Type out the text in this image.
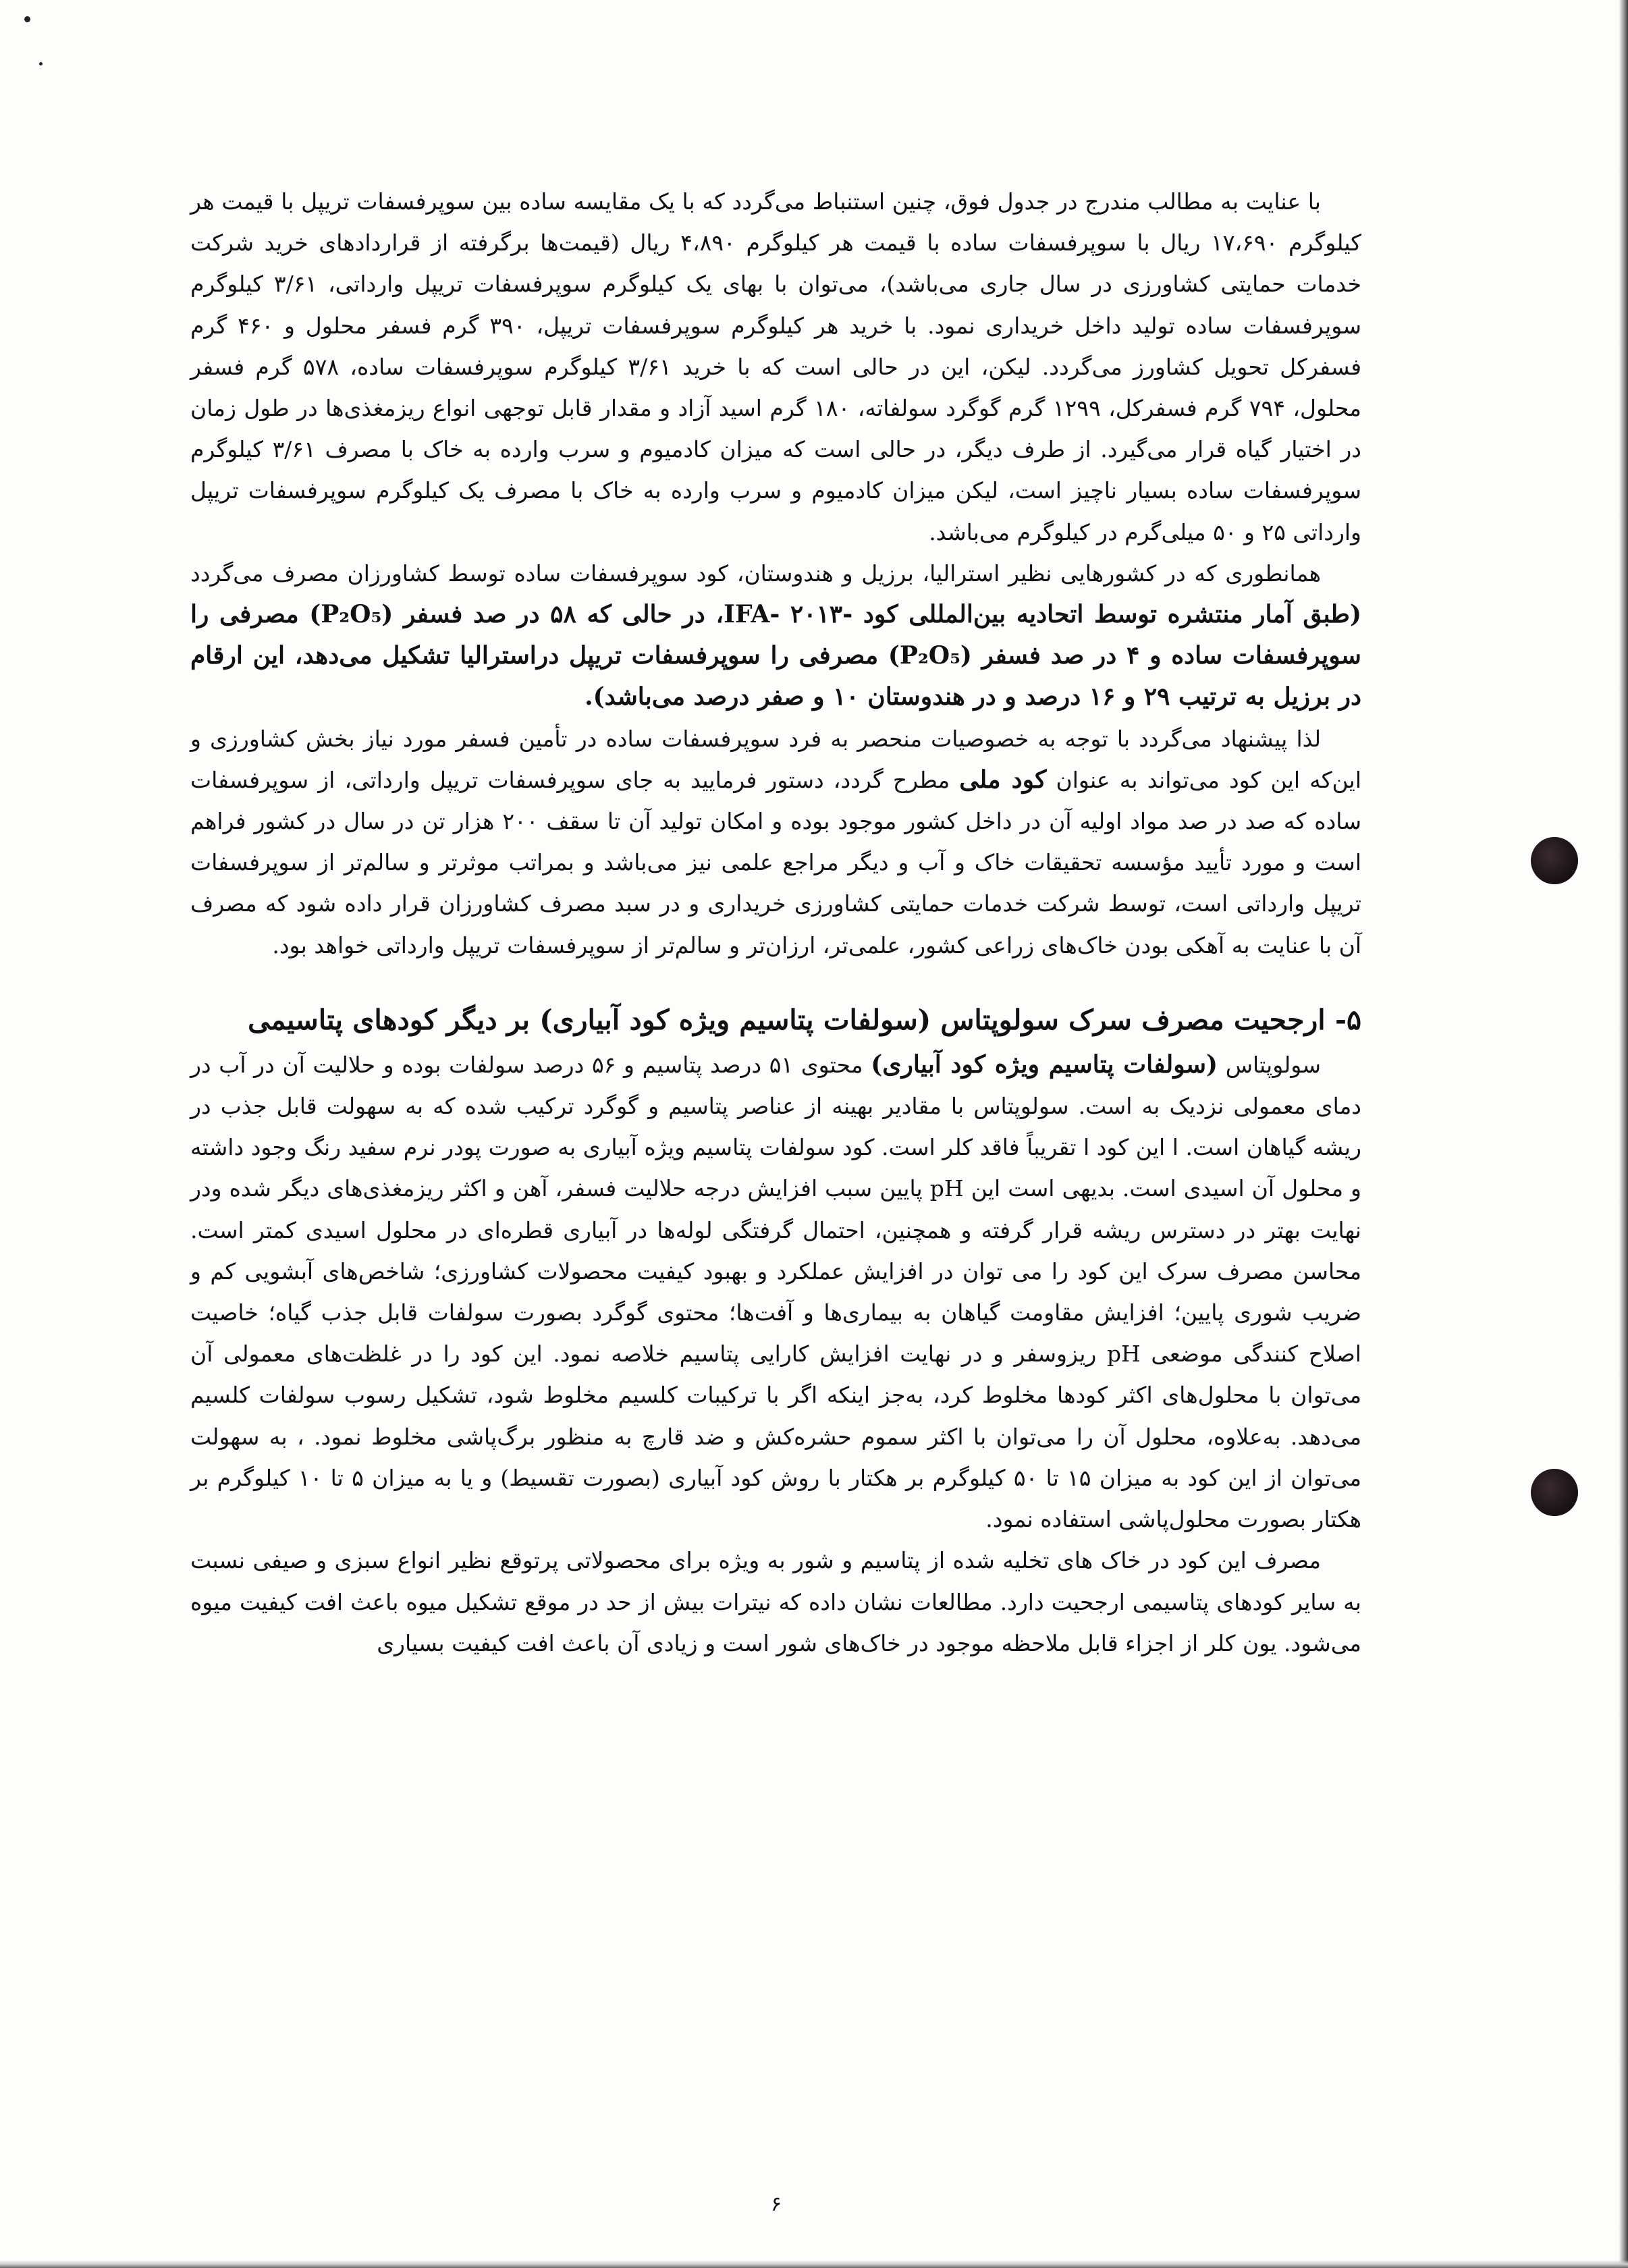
با عنایت به مطالب مندرج در جدول فوق، چنین استنباط می‌گردد که با یک مقایسه ساده بین سوپرفسفات تریپل با قیمت هر کیلوگرم ۱۷،۶۹۰ ریال با سوپرفسفات ساده با قیمت هر کیلوگرم ۴،۸۹۰ ریال (قیمت‌ها برگرفته از قراردادهای خرید شرکت خدمات حمایتی کشاورزی در سال جاری می‌باشد)، می‌توان با بهای یک کیلوگرم سوپرفسفات تریپل وارداتی، ۳/۶۱ کیلوگرم سوپرفسفات ساده تولید داخل خریداری نمود. با خرید هر کیلوگرم سوپرفسفات تریپل، ۳۹۰ گرم فسفر محلول و ۴۶۰ گرم فسفرکل تحویل کشاورز می‌گردد. لیکن، این در حالی است که با خرید ۳/۶۱ کیلوگرم سوپرفسفات ساده، ۵۷۸ گرم فسفر محلول، ۷۹۴ گرم فسفرکل، ۱۲۹۹ گرم گوگرد سولفاته، ۱۸۰ گرم اسید آزاد و مقدار قابل توجهی انواع ریزمغذی‌ها در طول زمان در اختیار گیاه قرار می‌گیرد. از طرف دیگر، در حالی است که میزان کادمیوم و سرب وارده به خاک با مصرف ۳/۶۱ کیلوگرم سوپرفسفات ساده بسیار ناچیز است، لیکن میزان کادمیوم و سرب وارده به خاک با مصرف یک کیلوگرم سوپرفسفات تریپل وارداتی ۲۵ و ۵۰ میلی‌گرم در کیلوگرم می‌باشد.

همانطوری که در کشورهایی نظیر استرالیا، برزیل و هندوستان، کود سوپرفسفات ساده توسط کشاورزان مصرف می‌گردد (طبق آمار منتشره توسط اتحادیه بین‌المللی کود -IFA- ۲۰۱۳، در حالی که ۵۸ در صد فسفر (P₂O₅) مصرفی را سوپرفسفات ساده و ۴ در صد فسفر (P₂O₅) مصرفی را سوپرفسفات تریپل دراسترالیا تشکیل می‌دهد، این ارقام در برزیل به ترتیب ۲۹ و ۱۶ درصد و در هندوستان ۱۰ و صفر درصد می‌باشد).

لذا پیشنهاد می‌گردد با توجه به خصوصیات منحصر به فرد سوپرفسفات ساده در تأمین فسفر مورد نیاز بخش کشاورزی و این‌که این کود می‌تواند به عنوان کود ملی مطرح گردد، دستور فرمایید به جای سوپرفسفات تریپل وارداتی، از سوپرفسفات ساده که صد در صد مواد اولیه آن در داخل کشور موجود بوده و امکان تولید آن تا سقف ۲۰۰ هزار تن در سال در کشور فراهم است و مورد تأیید مؤسسه تحقیقات خاک و آب و دیگر مراجع علمی نیز می‌باشد و بمراتب موثرتر و سالم‌تر از سوپرفسفات تریپل وارداتی است، توسط شرکت خدمات حمایتی کشاورزی خریداری و در سبد مصرف کشاورزان قرار داده شود که مصرف آن با عنایت به آهکی بودن خاک‌های زراعی کشور، علمی‌تر، ارزان‌تر و سالم‌تر از سوپرفسفات تریپل وارداتی خواهد بود.

۵- ارجحیت مصرف سرک سولوپتاس (سولفات پتاسیم ویژه کود آبیاری) بر دیگر کودهای پتاسیمی

سولوپتاس (سولفات پتاسیم ویژه کود آبیاری) محتوی ۵۱ درصد پتاسیم و ۵۶ درصد سولفات بوده و حلالیت آن در آب در دمای معمولی نزدیک به است. سولوپتاس با مقادیر بهینه از عناصر پتاسیم و گوگرد ترکیب شده که به سهولت قابل جذب در ریشه گیاهان است. ا این کود ا تقریباً فاقد کلر است. کود سولفات پتاسیم ویژه آبیاری به صورت پودر نرم سفید رنگ وجود داشته و محلول آن اسیدی است. بدیهی است این pH پایین سبب افزایش درجه حلالیت فسفر، آهن و اکثر ریزمغذی‌های دیگر شده ودر نهایت بهتر در دسترس ریشه قرار گرفته و همچنین، احتمال گرفتگی لوله‌ها در آبیاری قطره‌ای در محلول اسیدی کمتر است. محاسن مصرف سرک این کود را می توان در افزایش عملکرد و بهبود کیفیت محصولات کشاورزی؛ شاخص‌های آبشویی کم و ضریب شوری پایین؛ افزایش مقاومت گیاهان به بیماری‌ها و آفت‌ها؛ محتوی گوگرد بصورت سولفات قابل جذب گیاه؛ خاصیت اصلاح کنندگی موضعی pH ریزوسفر و در نهایت افزایش کارایی پتاسیم خلاصه نمود. این کود را در غلظت‌های معمولی آن می‌توان با محلول‌های اکثر کودها مخلوط کرد، به‌جز اینکه اگر با ترکیبات کلسیم مخلوط شود، تشکیل رسوب سولفات کلسیم می‌دهد. به‌علاوه، محلول آن را می‌توان با اکثر سموم حشره‌کش و ضد قارچ به منظور برگ‌پاشی مخلوط نمود. ، به سهولت می‌توان از این کود به میزان ۱۵ تا ۵۰ کیلوگرم بر هکتار با روش کود آبیاری (بصورت تقسیط) و یا به میزان ۵ تا ۱۰ کیلوگرم بر هکتار بصورت محلول‌پاشی استفاده نمود.

مصرف این کود در خاک های تخلیه شده از پتاسیم و شور به ویژه برای محصولاتی پرتوقع نظیر انواع سبزی و صیفی نسبت به سایر کودهای پتاسیمی ارجحیت دارد. مطالعات نشان داده که نیترات بیش از حد در موقع تشکیل میوه باعث افت کیفیت میوه می‌شود. یون کلر از اجزاء قابل ملاحظه موجود در خاک‌های شور است و زیادی آن باعث افت کیفیت بسیاری

۶
